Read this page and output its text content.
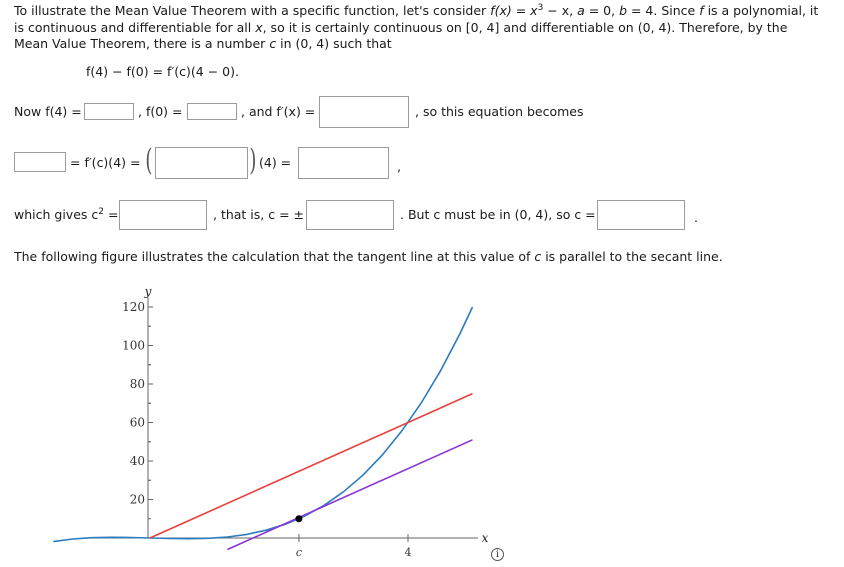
To illustrate the Mean Value Theorem with a specific function, let's consider $f(x) = x^3 - x$, a = 0, b = 4. Since f is a polynomial, it is continuous and differentiable for all x, so it is certainly continuous on [0, 4] and differentiable on (0, 4). Therefore, by the Mean Value Theorem, there is a number c in (0, 4) such that
f(4) − f(0) = f′(c)(4 − 0).
Now f(4) =	, f(0) =	, and f′(x) =	, so this equation becomes
= f′(c)(4) = (	) (4) =	,
which gives $c^2$ =	, that is, c = ±	. But c must be in (0, 4), so c =	.
The following figure illustrates the calculation that the tangent line at this value of c is parallel to the secant line.
y
x
20
40
60
80
100
120
c	4	i
